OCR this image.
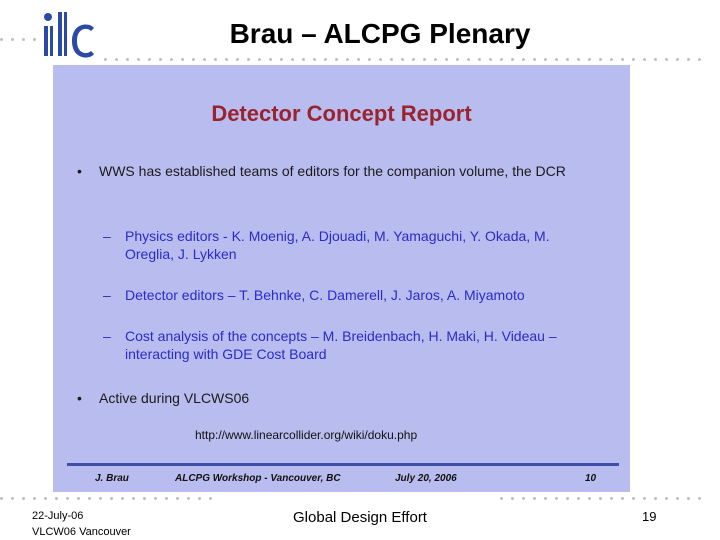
Brau – ALCPG Plenary
Detector Concept Report
• WWS has established teams of editors for the companion volume, the DCR
– Physics editors - K. Moenig, A. Djouadi, M. Yamaguchi, Y. Okada, M. Oreglia, J. Lykken
– Detector editors – T. Behnke, C. Damerell, J. Jaros, A. Miyamoto
– Cost analysis of the concepts – M. Breidenbach, H. Maki, H. Videau – interacting with GDE Cost Board
• Active during VLCWS06
http://www.linearcollider.org/wiki/doku.php
J. Brau	ALCPG Workshop - Vancouver, BC	July 20, 2006	10
22-July-06
VLCW06 Vancouver
Global Design Effort	19
